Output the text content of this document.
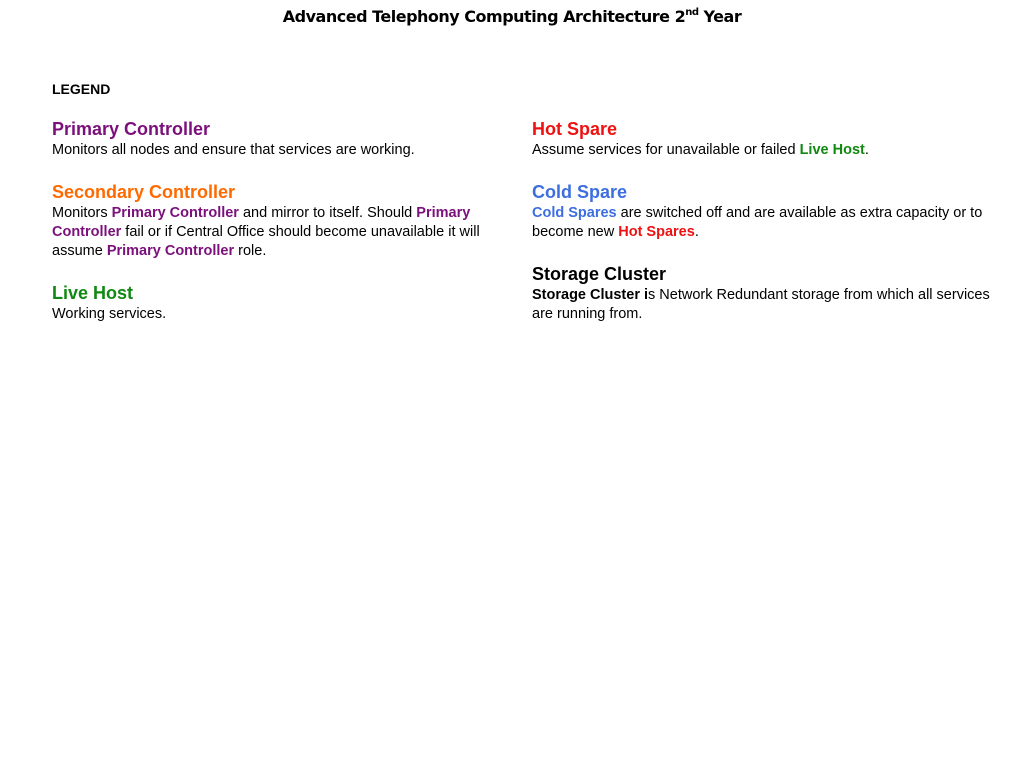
Advanced Telephony Computing Architecture 2nd Year
LEGEND
Primary Controller
Monitors all nodes and ensure that services are working.
Secondary Controller
Monitors Primary Controller and mirror to itself. Should Primary Controller fail or if Central Office should become unavailable it will assume Primary Controller role.
Live Host
Working services.
Hot Spare
Assume services for unavailable or failed Live Host.
Cold Spare
Cold Spares are switched off and are available as extra capacity or to become new Hot Spares.
Storage Cluster
Storage Cluster is Network Redundant storage from which all services are running from.
